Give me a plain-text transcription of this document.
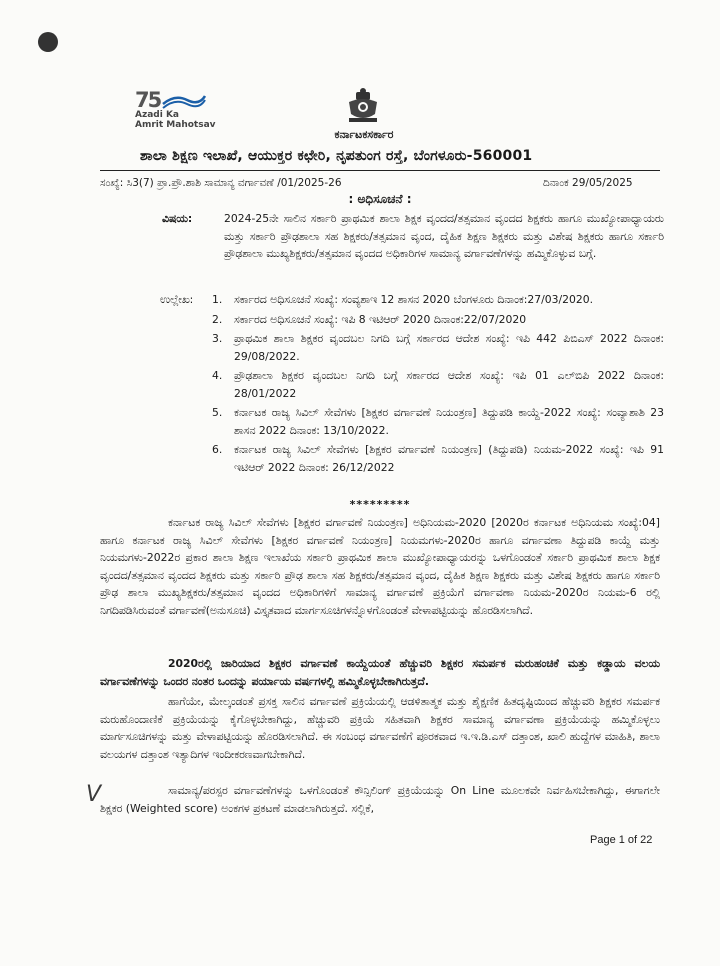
75
Azadi Ka
Amrit Mahotsav
ಕರ್ನಾಟಕಸರ್ಕಾರ
ಶಾಲಾ ಶಿಕ್ಷಣ ಇಲಾಖೆ, ಆಯುಕ್ತರ ಕಛೇರಿ, ನೃಪತುಂಗ ರಸ್ತೆ, ಬೆಂಗಳೂರು-560001
ಸಂಖ್ಯೆ: ಸಿ3(7) ಪ್ರಾ.ಪ್ರೌ.ಶಾಶಿ ಸಾಮಾನ್ಯ ವರ್ಗಾವಣೆ /01/2025-26	ದಿನಾಂಕ 29/05/2025
: ಅಧಿಸೂಚನೆ :
ವಿಷಯ:	2024-25ನೇ ಸಾಲಿನ ಸರ್ಕಾರಿ ಪ್ರಾಥಮಿಕ ಶಾಲಾ ಶಿಕ್ಷಕ ವೃಂದದ/ತತ್ಸಮಾನ ವೃಂದದ ಶಿಕ್ಷಕರು ಹಾಗೂ ಮುಖ್ಯೋಪಾಧ್ಯಾಯರು ಮತ್ತು ಸರ್ಕಾರಿ ಪ್ರೌಢಶಾಲಾ ಸಹ ಶಿಕ್ಷಕರು/ತತ್ಸಮಾನ ವೃಂದ, ದೈಹಿಕ ಶಿಕ್ಷಣ ಶಿಕ್ಷಕರು ಮತ್ತು ವಿಶೇಷ ಶಿಕ್ಷಕರು ಹಾಗೂ ಸರ್ಕಾರಿ ಪ್ರೌಢಶಾಲಾ ಮುಖ್ಯಶಿಕ್ಷಕರು/ತತ್ಸಮಾನ ವೃಂದದ ಅಧಿಕಾರಿಗಳ ಸಾಮಾನ್ಯ ವರ್ಗಾವಣೆಗಳನ್ನು ಹಮ್ಮಿಕೊಳ್ಳುವ ಬಗ್ಗೆ.
ಉಲ್ಲೇಖ: 1. ಸರ್ಕಾರದ ಅಧಿಸೂಚನೆ ಸಂಖ್ಯೆ: ಸಂವ್ಯಶಾಇ 12 ಶಾಸನ 2020 ಬೆಂಗಳೂರು ದಿನಾಂಕ:27/03/2020.
2. ಸರ್ಕಾರದ ಅಧಿಸೂಚನೆ ಸಂಖ್ಯೆ: ಇಪಿ 8 ಇಟಿಆರ್ 2020 ದಿನಾಂಕ:22/07/2020
3. ಪ್ರಾಥಮಿಕ ಶಾಲಾ ಶಿಕ್ಷಕರ ವೃಂದಬಲ ನಿಗದಿ ಬಗ್ಗೆ ಸರ್ಕಾರದ ಆದೇಶ ಸಂಖ್ಯೆ: ಇಪಿ 442 ಪಿಬಿಎಸ್ 2022 ದಿನಾಂಕ: 29/08/2022.
4. ಪ್ರೌಢಶಾಲಾ ಶಿಕ್ಷಕರ ವೃಂದಬಲ ನಿಗದಿ ಬಗ್ಗೆ ಸರ್ಕಾರದ ಆದೇಶ ಸಂಖ್ಯೆ: ಇಪಿ 01 ಎಲ್‌ಬಿಪಿ 2022 ದಿನಾಂಕ: 28/01/2022
5. ಕರ್ನಾಟಕ ರಾಜ್ಯ ಸಿವಿಲ್ ಸೇವೆಗಳು [ಶಿಕ್ಷಕರ ವರ್ಗಾವಣೆ ನಿಯಂತ್ರಣ] ತಿದ್ದುಪಡಿ ಕಾಯ್ದೆ-2022 ಸಂಖ್ಯೆ: ಸಂವ್ಯಾಶಾಶಿ 23 ಶಾಸನ 2022 ದಿನಾಂಕ: 13/10/2022.
6. ಕರ್ನಾಟಕ ರಾಜ್ಯ ಸಿವಿಲ್ ಸೇವೆಗಳು [ಶಿಕ್ಷಕರ ವರ್ಗಾವಣೆ ನಿಯಂತ್ರಣ] (ತಿದ್ದುಪಡಿ) ನಿಯಮ-2022 ಸಂಖ್ಯೆ: ಇಪಿ 91 ಇಟಿಆರ್ 2022 ದಿನಾಂಕ: 26/12/2022
*********
ಕರ್ನಾಟಕ ರಾಜ್ಯ ಸಿವಿಲ್ ಸೇವೆಗಳು [ಶಿಕ್ಷಕರ ವರ್ಗಾವಣೆ ನಿಯಂತ್ರಣ] ಅಧಿನಿಯಮ-2020 [2020ರ ಕರ್ನಾಟಕ ಅಧಿನಿಯಮ ಸಂಖ್ಯೆ:04] ಹಾಗೂ ಕರ್ನಾಟಕ ರಾಜ್ಯ ಸಿವಿಲ್ ಸೇವೆಗಳು [ಶಿಕ್ಷಕರ ವರ್ಗಾವಣೆ ನಿಯಂತ್ರಣ] ನಿಯಮಗಳು-2020ರ ಹಾಗೂ ವರ್ಗಾವಣಾ ತಿದ್ದುಪಡಿ ಕಾಯ್ದೆ ಮತ್ತು ನಿಯಮಗಳು-2022ರ ಪ್ರಕಾರ ಶಾಲಾ ಶಿಕ್ಷಣ ಇಲಾಖೆಯ ಸರ್ಕಾರಿ ಪ್ರಾಥಮಿಕ ಶಾಲಾ ಮುಖ್ಯೋಪಾಧ್ಯಾಯರನ್ನು ಒಳಗೊಂಡಂತೆ ಸರ್ಕಾರಿ ಪ್ರಾಥಮಿಕ ಶಾಲಾ ಶಿಕ್ಷಕ ವೃಂದದ/ತತ್ಸಮಾನ ವೃಂದದ ಶಿಕ್ಷಕರು ಮತ್ತು ಸರ್ಕಾರಿ ಪ್ರೌಢ ಶಾಲಾ ಸಹ ಶಿಕ್ಷಕರು/ತತ್ಸಮಾನ ವೃಂದ, ದೈಹಿಕ ಶಿಕ್ಷಣ ಶಿಕ್ಷಕರು ಮತ್ತು ವಿಶೇಷ ಶಿಕ್ಷಕರು ಹಾಗೂ ಸರ್ಕಾರಿ ಪ್ರೌಢ ಶಾಲಾ ಮುಖ್ಯಶಿಕ್ಷಕರು/ತತ್ಸಮಾನ ವೃಂದದ ಅಧಿಕಾರಿಗಳಿಗೆ ಸಾಮಾನ್ಯ ವರ್ಗಾವಣೆ ಪ್ರಕ್ರಿಯೆಗೆ ವರ್ಗಾವಣಾ ನಿಯಮ-2020ರ ನಿಯಮ-6 ರಲ್ಲಿ ನಿಗದಿಪಡಿಸಿರುವಂತೆ ವರ್ಗಾವಣೆ(ಅನುಸೂಚಿ) ವಿಸ್ತೃತವಾದ ಮಾರ್ಗಸೂಚಿಗಳನ್ನೊಳಗೊಂಡಂತೆ ವೇಳಾಪಟ್ಟಿಯನ್ನು ಹೊರಡಿಸಲಾಗಿದೆ.
2020ರಲ್ಲಿ ಜಾರಿಯಾದ ಶಿಕ್ಷಕರ ವರ್ಗಾವಣೆ ಕಾಯ್ದೆಯಂತೆ ಹೆಚ್ಚುವರಿ ಶಿಕ್ಷಕರ ಸಮರ್ಪಕ ಮರುಹಂಚಿಕೆ ಮತ್ತು ಕಡ್ಡಾಯ ವಲಯ ವರ್ಗಾವಣೆಗಳನ್ನು ಒಂದರ ನಂತರ ಒಂದನ್ನು ಪರ್ಯಾಯ ವರ್ಷಗಳಲ್ಲಿ ಹಮ್ಮಿಕೊಳ್ಳಬೇಕಾಗಿರುತ್ತದೆ.
ಹಾಗೆಯೇ, ಮೇಲ್ಕಂಡಂತೆ ಪ್ರಸಕ್ತ ಸಾಲಿನ ವರ್ಗಾವಣೆ ಪ್ರಕ್ರಿಯೆಯಲ್ಲಿ ಆಡಳಿತಾತ್ಮಕ ಮತ್ತು ಶೈಕ್ಷಣಿಕ ಹಿತದೃಷ್ಟಿಯಿಂದ ಹೆಚ್ಚುವರಿ ಶಿಕ್ಷಕರ ಸಮರ್ಪಕ ಮರುಹೊಂದಾಣಿಕೆ ಪ್ರಕ್ರಿಯೆಯನ್ನು ಕೈಗೊಳ್ಳಬೇಕಾಗಿದ್ದು, ಹೆಚ್ಚುವರಿ ಪ್ರಕ್ರಿಯೆ ಸಹಿತವಾಗಿ ಶಿಕ್ಷಕರ ಸಾಮಾನ್ಯ ವರ್ಗಾವಣಾ ಪ್ರಕ್ರಿಯೆಯನ್ನು ಹಮ್ಮಿಕೊಳ್ಳಲು ಮಾರ್ಗಸೂಚಿಗಳನ್ನು ಮತ್ತು ವೇಳಾಪಟ್ಟಿಯನ್ನು ಹೊರಡಿಸಲಾಗಿದೆ. ಈ ಸಂಬಂಧ ವರ್ಗಾವಣೆಗೆ ಪೂರಕವಾದ ಇ.ಇ.ಡಿ.ಎಸ್ ದತ್ತಾಂಶ, ಖಾಲಿ ಹುದ್ದೆಗಳ ಮಾಹಿತಿ, ಶಾಲಾ ವಲಯಗಳ ದತ್ತಾಂಶ ಇತ್ಯಾದಿಗಳ ಇಂದೀಕರಣವಾಗಬೇಕಾಗಿದೆ.
ಸಾಮಾನ್ಯ/ಪರಸ್ಪರ ವರ್ಗಾವಣೆಗಳನ್ನು ಒಳಗೊಂಡಂತೆ ಕೌನ್ಸಿಲಿಂಗ್ ಪ್ರಕ್ರಿಯೆಯನ್ನು On Line ಮೂಲಕವೇ ನಿರ್ವಹಿಸಬೇಕಾಗಿದ್ದು, ಈಗಾಗಲೇ ಶಿಕ್ಷಕರ (Weighted score) ಅಂಕಗಳ ಪ್ರಕಟಣೆ ಮಾಡಲಾಗಿರುತ್ತದೆ. ಸಲ್ಲಿಕೆ,
V
Page 1 of 22
